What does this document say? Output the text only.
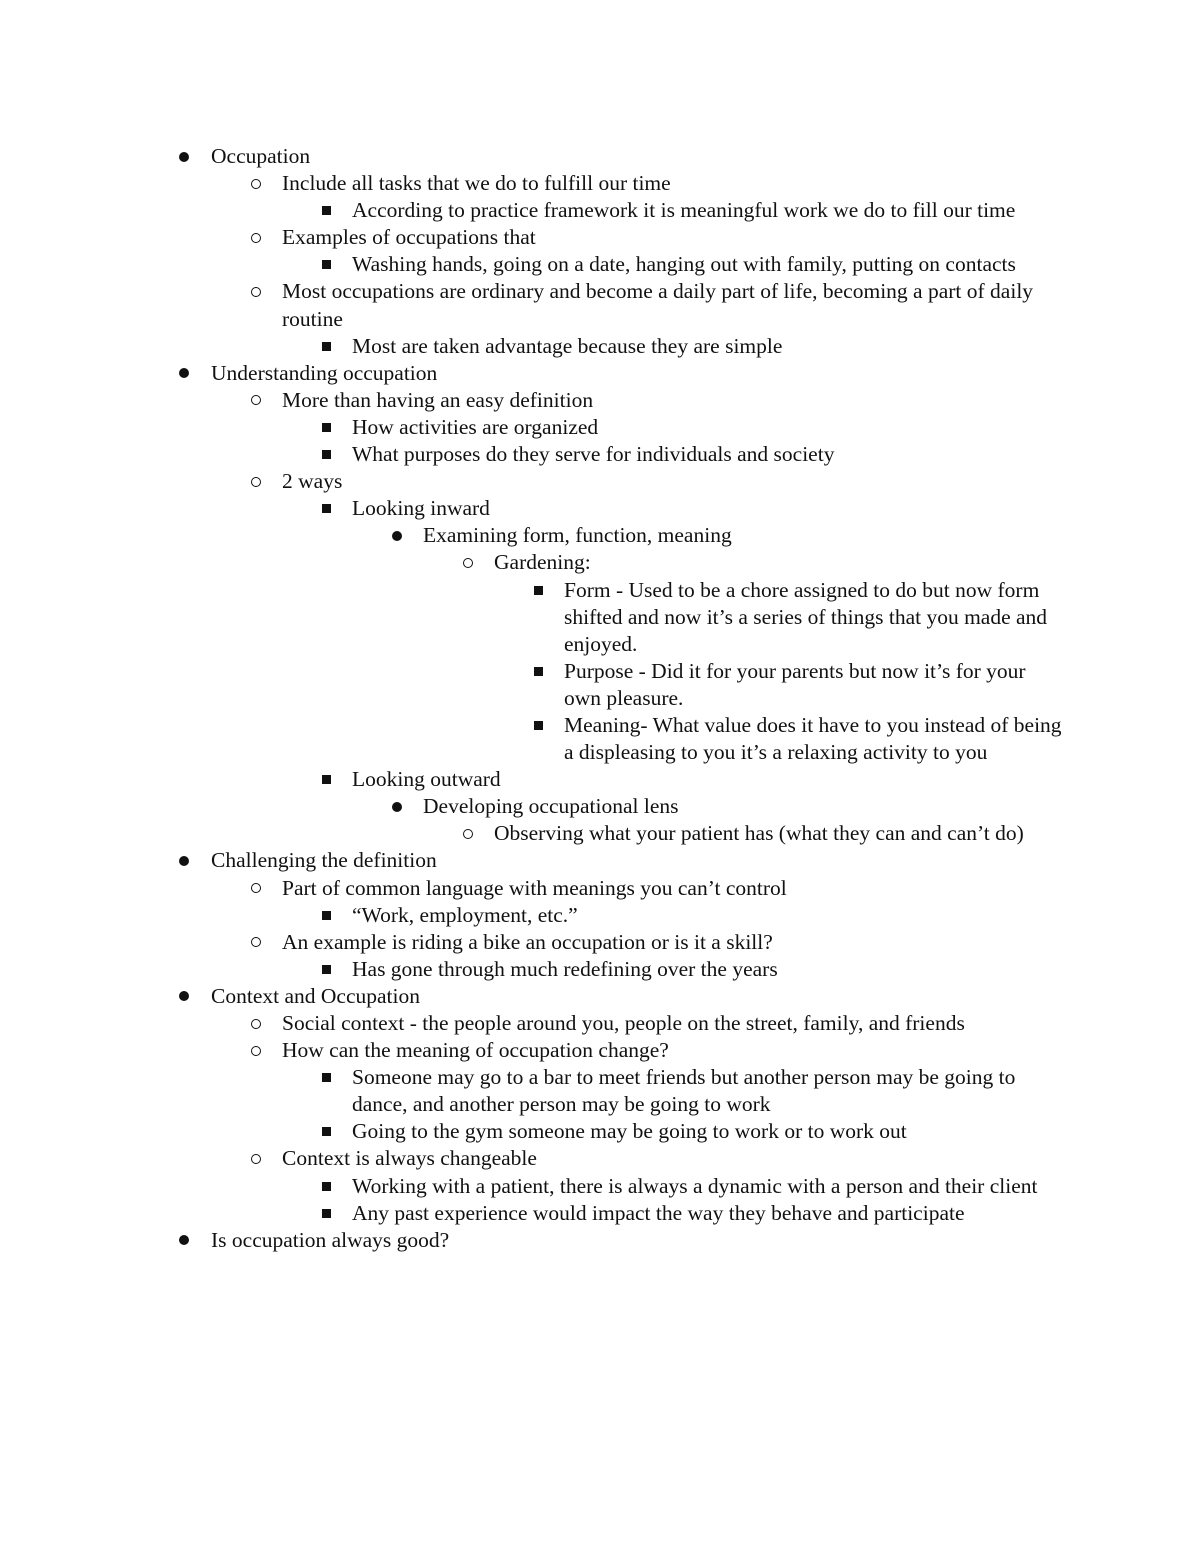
Occupation
Include all tasks that we do to fulfill our time
According to practice framework it is meaningful work we do to fill our time
Examples of occupations that
Washing hands, going on a date, hanging out with family, putting on contacts
Most occupations are ordinary and become a daily part of life, becoming a part of daily routine
Most are taken advantage because they are simple
Understanding occupation
More than having an easy definition
How activities are organized
What purposes do they serve for individuals and society
2 ways
Looking inward
Examining form, function, meaning
Gardening:
Form - Used to be a chore assigned to do but now form shifted and now it’s a series of things that you made and enjoyed.
Purpose - Did it for your parents but now it’s for your own pleasure.
Meaning- What value does it have to you instead of being a displeasing to you it’s a relaxing activity to you
Looking outward
Developing occupational lens
Observing what your patient has (what they can and can’t do)
Challenging the definition
Part of common language with meanings you can’t control
“Work, employment, etc.”
An example is riding a bike an occupation or is it a skill?
Has gone through much redefining over the years
Context and Occupation
Social context - the people around you, people on the street, family, and friends
How can the meaning of occupation change?
Someone may go to a bar to meet friends but another person may be going to dance, and another person may be going to work
Going to the gym someone may be going to work or to work out
Context is always changeable
Working with a patient, there is always a dynamic with a person and their client
Any past experience would impact the way they behave and participate
Is occupation always good?
